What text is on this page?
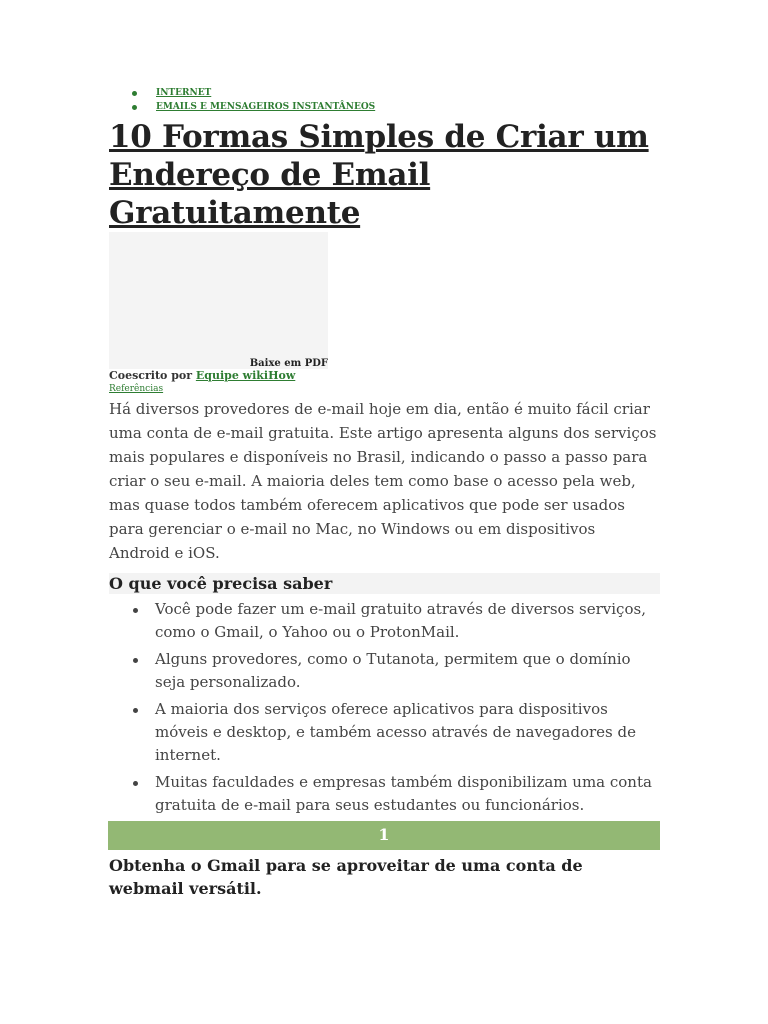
INTERNET
EMAILS E MENSAGEIROS INSTANTÂNEOS
10 Formas Simples de Criar um Endereço de Email Gratuitamente
Baixe em PDF
Coescrito por Equipe wikiHow
Referências

Há diversos provedores de e-mail hoje em dia, então é muito fácil criar uma conta de e-mail gratuita. Este artigo apresenta alguns dos serviços mais populares e disponíveis no Brasil, indicando o passo a passo para criar o seu e-mail. A maioria deles tem como base o acesso pela web, mas quase todos também oferecem aplicativos que pode ser usados para gerenciar o e-mail no Mac, no Windows ou em dispositivos Android e iOS.

O que você precisa saber
Você pode fazer um e-mail gratuito através de diversos serviços, como o Gmail, o Yahoo ou o ProtonMail.
Alguns provedores, como o Tutanota, permitem que o domínio seja personalizado.
A maioria dos serviços oferece aplicativos para dispositivos móveis e desktop, e também acesso através de navegadores de internet.
Muitas faculdades e empresas também disponibilizam uma conta gratuita de e-mail para seus estudantes ou funcionários.
1
Obtenha o Gmail para se aproveitar de uma conta de webmail versátil.
